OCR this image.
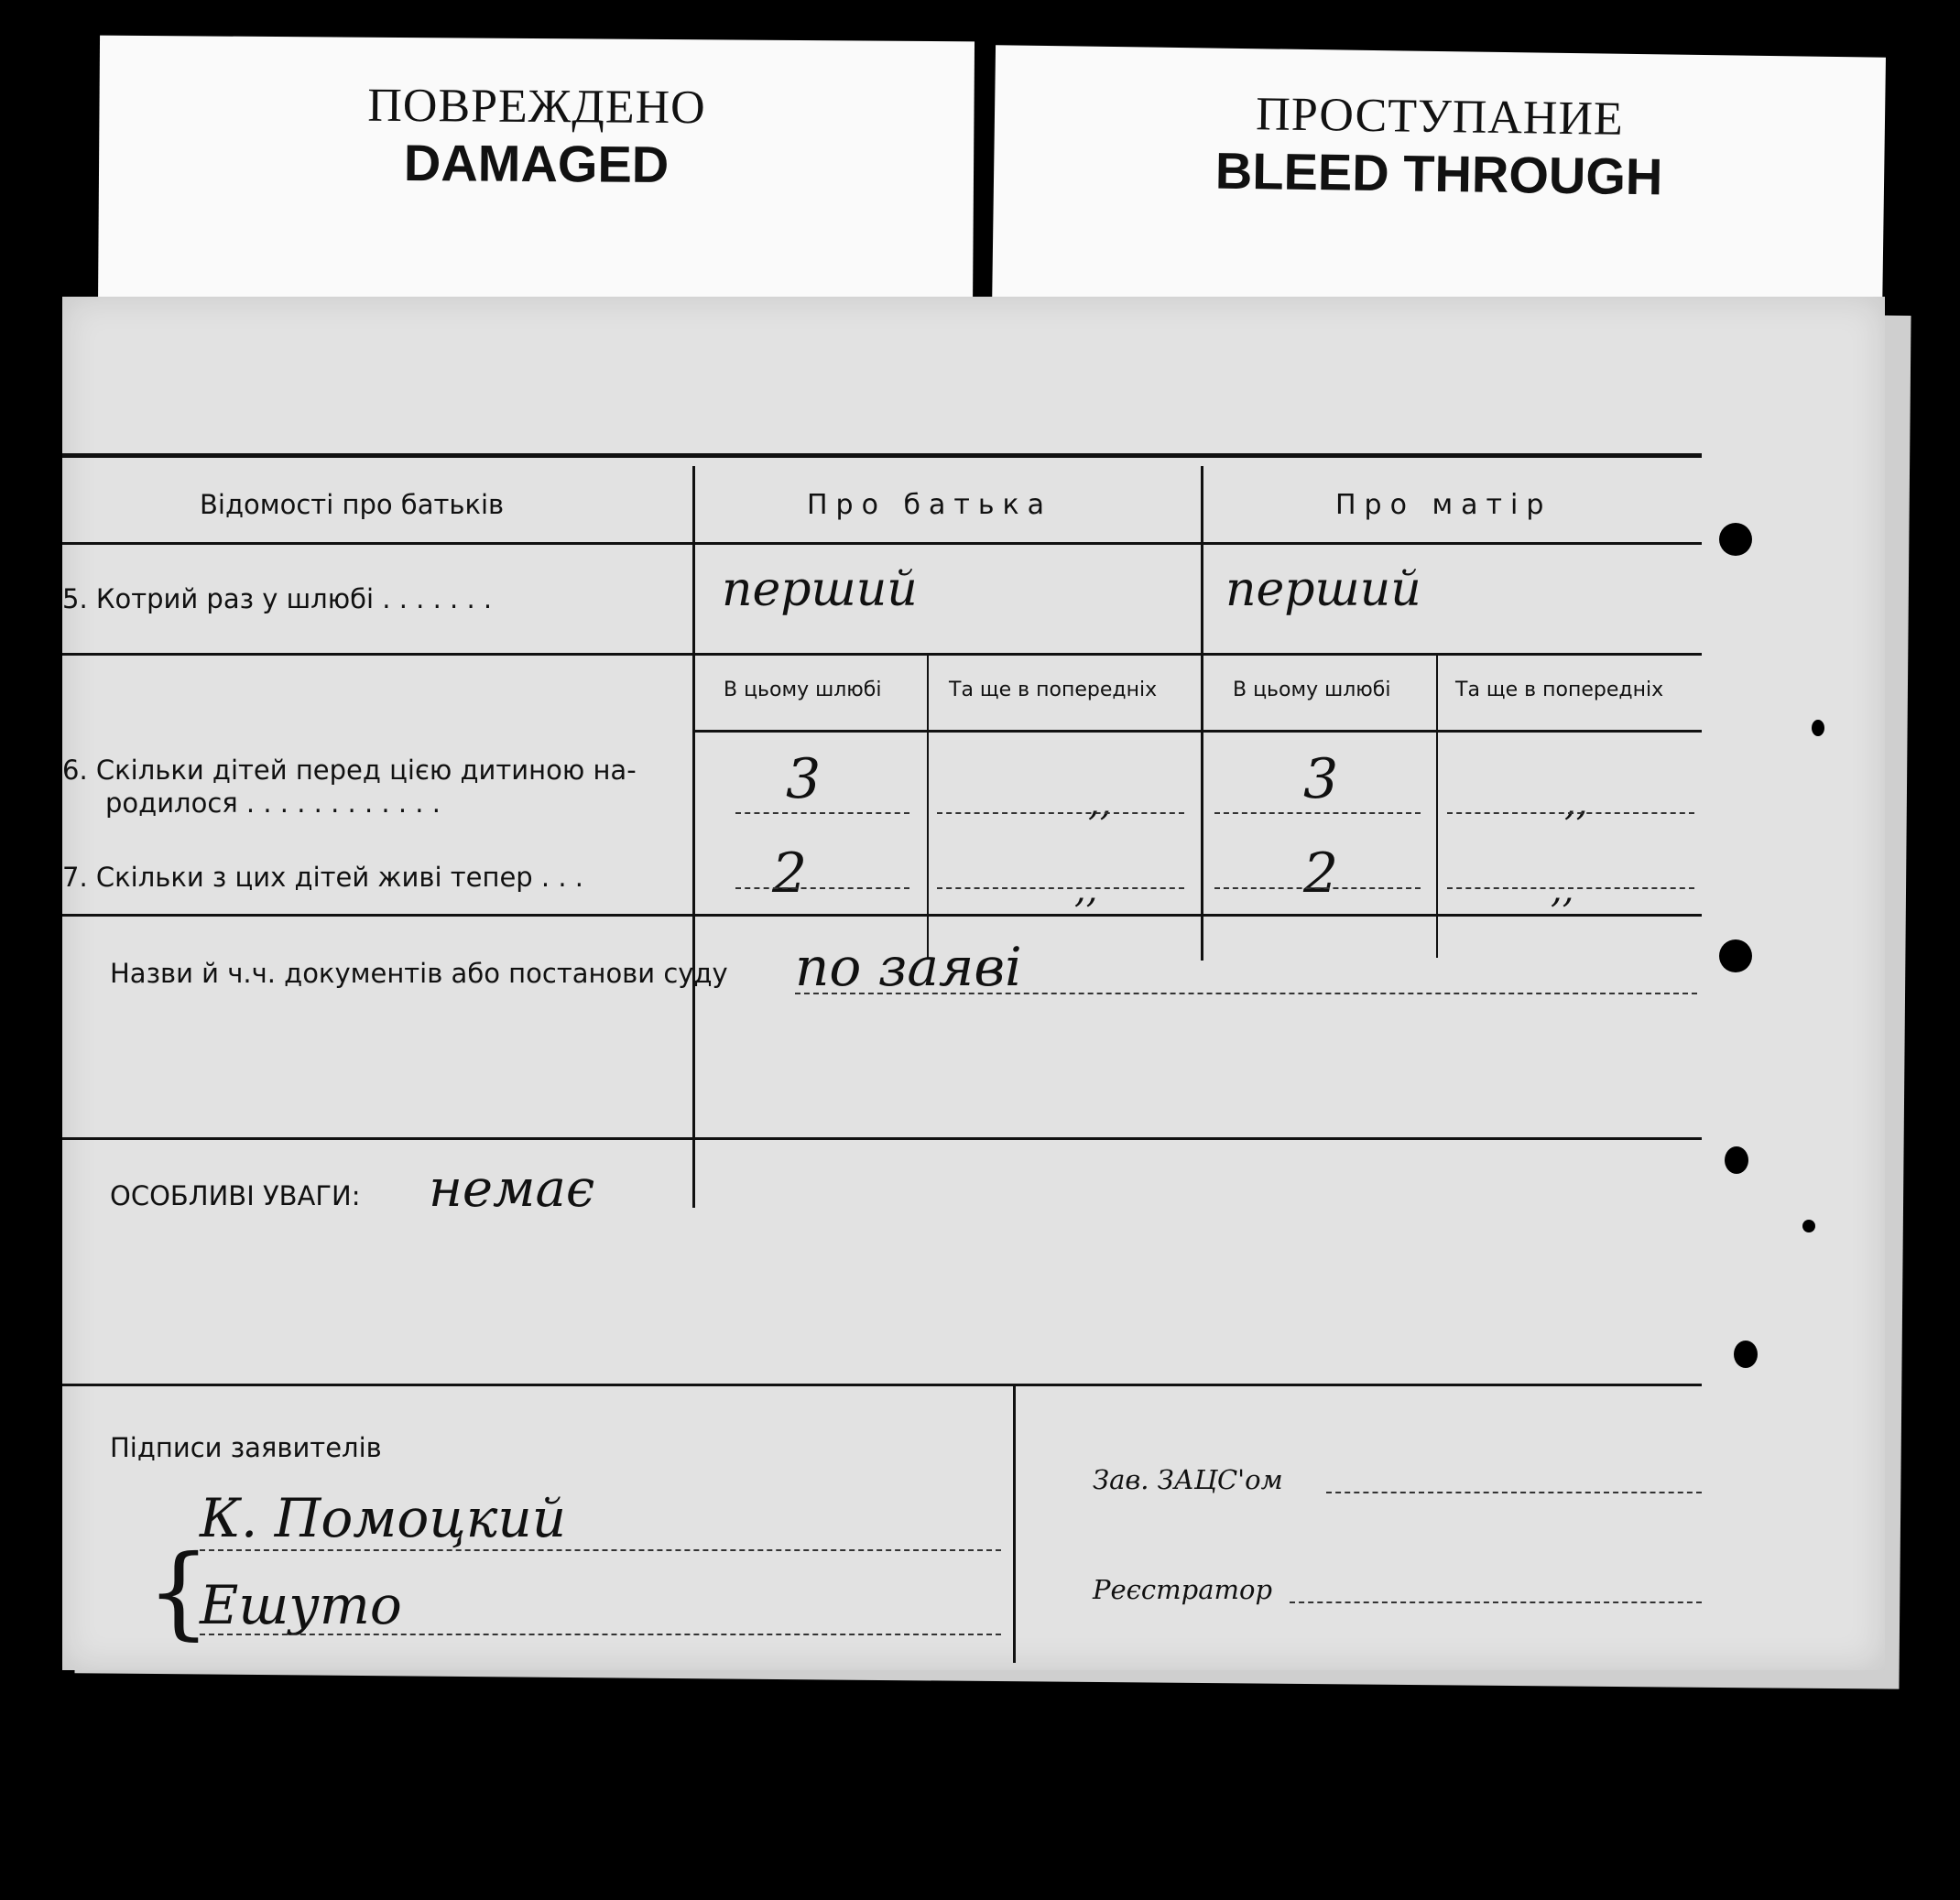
ПОВРЕЖДЕНО
DAMAGED
ПРОСТУПАНИЕ
BLEED THROUGH
Відомості про батьків	Про батька	Про матір
5. Котрий раз у шлюбі . . . . . . .	перший	перший
В цьому шлюбі	Та ще в попередніх	В цьому шлюбі	Та ще в попередніх
6. Скільки дітей перед цією дитиною на-
родилося . . . . . . . . . . . .	3	,,	3	,,
7. Скільки з цих дітей живі тепер . . .	2	,,	2	,,
Назви й ч.ч. документів або постанови суду по заяві
ОСОБЛИВІ УВАГИ: немає
Підписи заявителів
К. Помоцкий
Ешуто
{
Зав. ЗАЦС'ом
Реєстратор
